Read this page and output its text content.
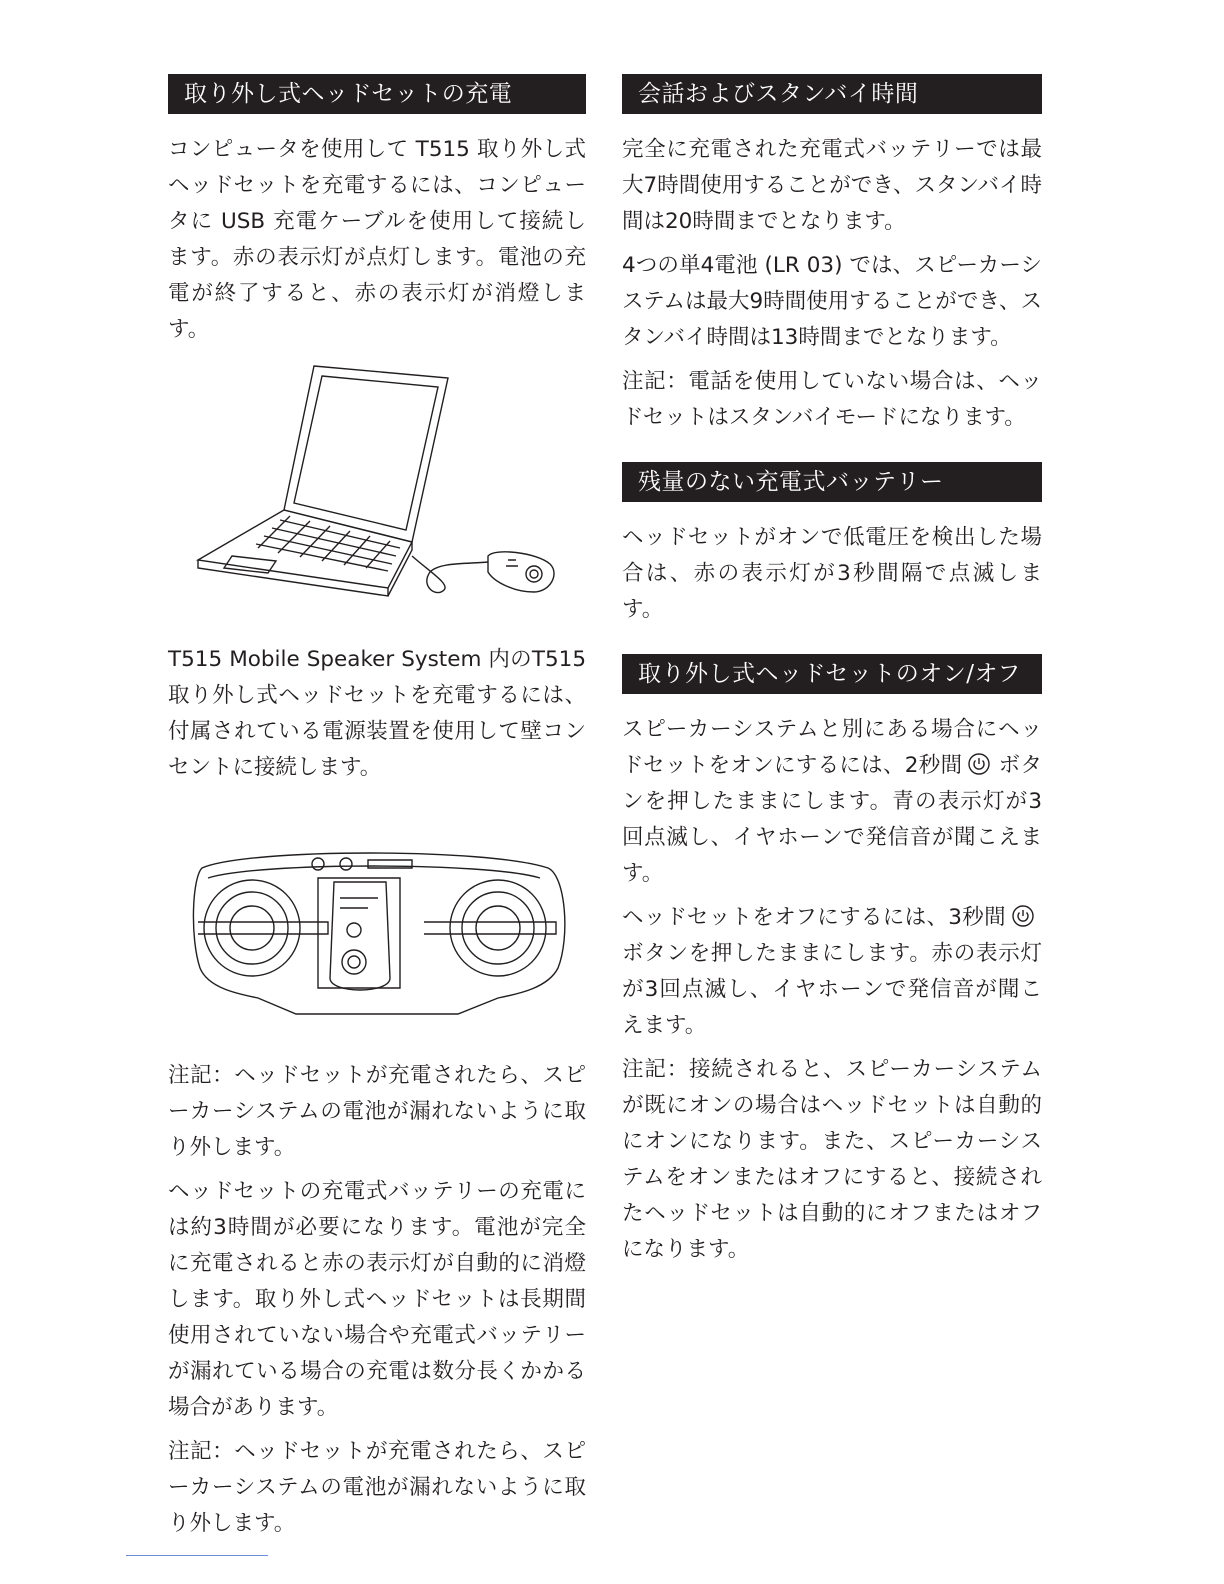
取り外し式ヘッドセットの充電

コンピュータを使用して T515 取り外し式ヘッドセットを充電するには、コンピュータに USB 充電ケーブルを使用して接続します。赤の表示灯が点灯します。電池の充電が終了すると、赤の表示灯が消燈します。

T515 Mobile Speaker System 内のT515取り外し式ヘッドセットを充電するには、付属されている電源装置を使用して壁コンセントに接続します。

注記：ヘッドセットが充電されたら、スピーカーシステムの電池が漏れないように取り外します。

ヘッドセットの充電式バッテリーの充電には約3時間が必要になります。電池が完全に充電されると赤の表示灯が自動的に消燈します。取り外し式ヘッドセットは長期間使用されていない場合や充電式バッテリーが漏れている場合の充電は数分長くかかる場合があります。

注記：ヘッドセットが充電されたら、スピーカーシステムの電池が漏れないように取り外します。

会話およびスタンバイ時間

完全に充電された充電式バッテリーでは最大7時間使用することができ、スタンバイ時間は20時間までとなります。

4つの単4電池 (LR 03) では、スピーカーシステムは最大9時間使用することができ、スタンバイ時間は13時間までとなります。

注記：電話を使用していない場合は、ヘッドセットはスタンバイモードになります。

残量のない充電式バッテリー

ヘッドセットがオンで低電圧を検出した場合は、赤の表示灯が3秒間隔で点滅します。

取り外し式ヘッドセットのオン/オフ

スピーカーシステムと別にある場合にヘッドセットをオンにするには、2秒間 ボタンを押したままにします。青の表示灯が3回点滅し、イヤホーンで発信音が聞こえます。

ヘッドセットをオフにするには、3秒間ボタンを押したままにします。赤の表示灯が3回点滅し、イヤホーンで発信音が聞こえます。

注記：接続されると、スピーカーシステムが既にオンの場合はヘッドセットは自動的にオンになります。また、スピーカーシステムをオンまたはオフにすると、接続されたヘッドセットは自動的にオフまたはオフになります。
